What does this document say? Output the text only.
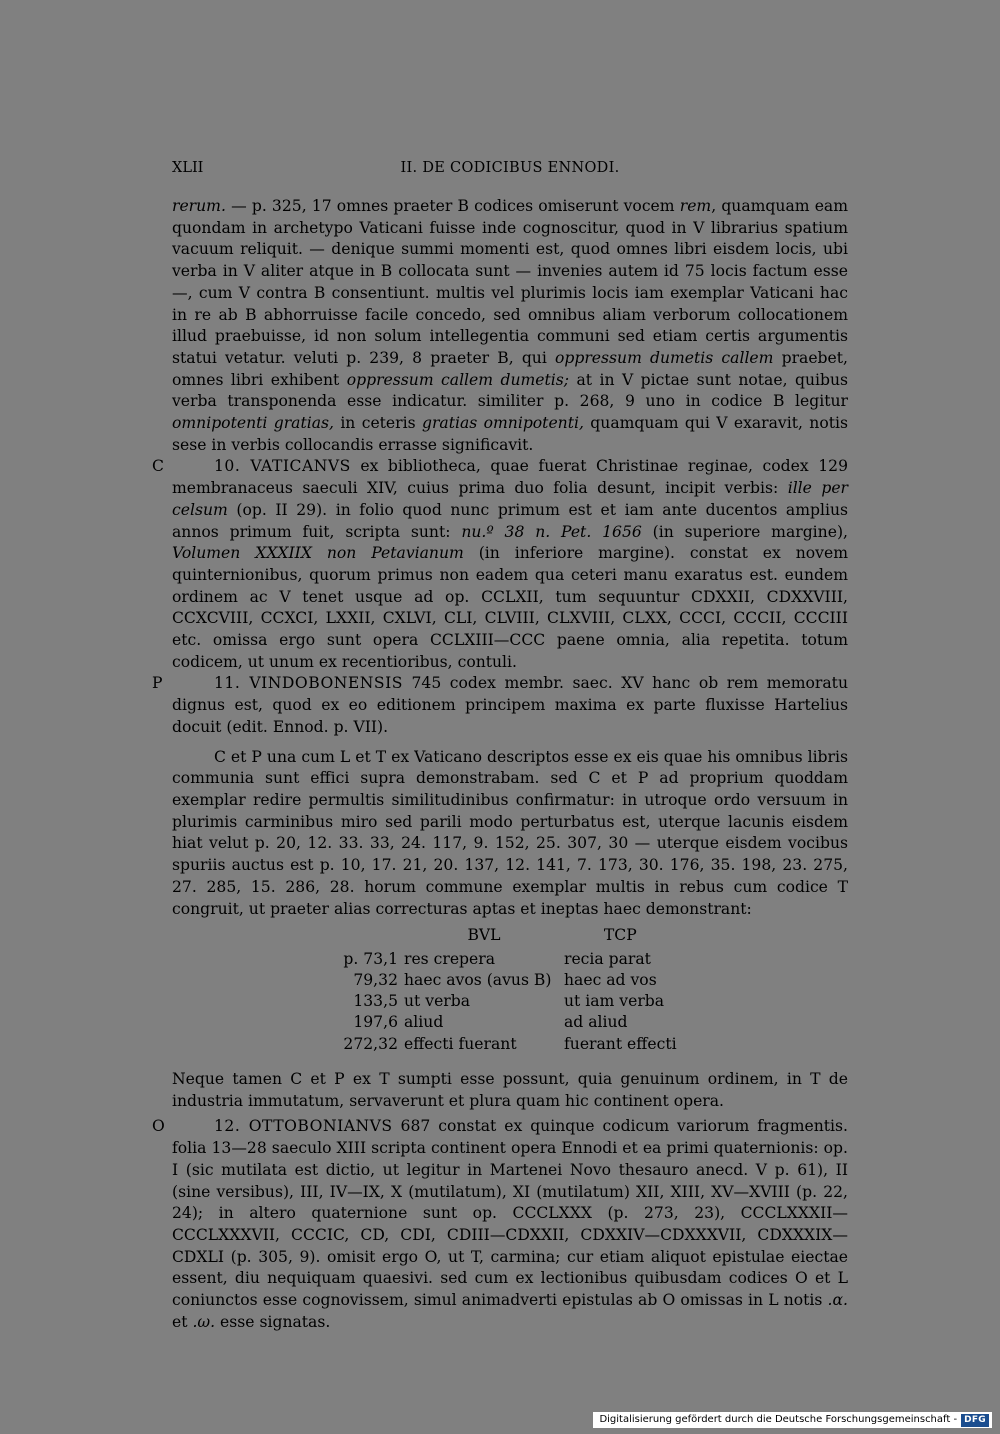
XLII	II. DE CODICIBUS ENNODI.

rerum. — p. 325, 17 omnes praeter B codices omiserunt vocem rem, quamquam eam quondam in archetypo Vaticani fuisse inde cognoscitur, quod in V librarius spatium vacuum reliquit. — denique summi momenti est, quod omnes libri eisdem locis, ubi verba in V aliter atque in B collocata sunt — invenies autem id 75 locis factum esse —, cum V contra B consentiunt. multis vel plurimis locis iam exemplar Vaticani hac in re ab B abhorruisse facile concedo, sed omnibus aliam verborum collocationem illud praebuisse, id non solum intellegentia communi sed etiam certis argumentis statui vetatur. veluti p. 239, 8 praeter B, qui oppressum dumetis callem praebet, omnes libri exhibent oppressum callem dumetis; at in V pictae sunt notae, quibus verba transponenda esse indicatur. similiter p. 268, 9 uno in codice B legitur omnipotenti gratias, in ceteris gratias omnipotenti, quamquam qui V exaravit, notis sese in verbis collocandis errasse significavit.

C	10. VATICANVS ex bibliotheca, quae fuerat Christinae reginae, codex 129 membranaceus saeculi XIV, cuius prima duo folia desunt, incipit verbis: ille per celsum (op. II 29). in folio quod nunc primum est et iam ante ducentos amplius annos primum fuit, scripta sunt: nu.º 38 n. Pet. 1656 (in superiore margine), Volumen XXXIIX non Petavianum (in inferiore margine). constat ex novem quinternionibus, quorum primus non eadem qua ceteri manu exaratus est. eundem ordinem ac V tenet usque ad op. CCLXII, tum sequuntur CDXXII, CDXXVIII, CCXCVIII, CCXCI, LXXII, CXLVI, CLI, CLVIII, CLXVIII, CLXX, CCCI, CCCII, CCCIII etc. omissa ergo sunt opera CCLXIII—CCC paene omnia, alia repetita. totum codicem, ut unum ex recentioribus, contuli.

P	11. VINDOBONENSIS 745 codex membr. saec. XV hanc ob rem memoratu dignus est, quod ex eo editionem principem maxima ex parte fluxisse Hartelius docuit (edit. Ennod. p. VII).

C et P una cum L et T ex Vaticano descriptos esse ex eis quae his omnibus libris communia sunt effici supra demonstrabam. sed C et P ad proprium quoddam exemplar redire permultis similitudinibus confirmatur: in utroque ordo versuum in plurimis carminibus miro sed parili modo perturbatus est, uterque lacunis eisdem hiat velut p. 20, 12. 33. 33, 24. 117, 9. 152, 25. 307, 30 — uterque eisdem vocibus spuriis auctus est p. 10, 17. 21, 20. 137, 12. 141, 7. 173, 30. 176, 35. 198, 23. 275, 27. 285, 15. 286, 28. horum commune exemplar multis in rebus cum codice T congruit, ut praeter alias correcturas aptas et ineptas haec demonstrant:

	BVL	TCP
p. 73,1	res crepera	recia parat
79,32	haec avos (avus B)	haec ad vos
133,5	ut verba	ut iam verba
197,6	aliud	ad aliud
272,32	effecti fuerant	fuerant effecti

Neque tamen C et P ex T sumpti esse possunt, quia genuinum ordinem, in T de industria immutatum, servaverunt et plura quam hic continent opera.

O	12. OTTOBONIANVS 687 constat ex quinque codicum variorum fragmentis. folia 13—28 saeculo XIII scripta continent opera Ennodi et ea primi quaternionis: op. I (sic mutilata est dictio, ut legitur in Martenei Novo thesauro anecd. V p. 61), II (sine versibus), III, IV—IX, X (mutilatum), XI (mutilatum) XII, XIII, XV—XVIII (p. 22, 24); in altero quaternione sunt op. CCCLXXX (p. 273, 23), CCCLXXXII—CCCLXXXVII, CCCIC, CD, CDI, CDIII—CDXXII, CDXXIV—CDXXXVII, CDXXXIX—CDXLI (p. 305, 9). omisit ergo O, ut T, carmina; cur etiam aliquot epistulae eiectae essent, diu nequiquam quaesivi. sed cum ex lectionibus quibusdam codices O et L coniunctos esse cognovissem, simul animadverti epistulas ab O omissas in L notis .α. et .ω. esse signatas.

Digitalisierung gefördert durch die Deutsche Forschungsgemeinschaft - DFG
